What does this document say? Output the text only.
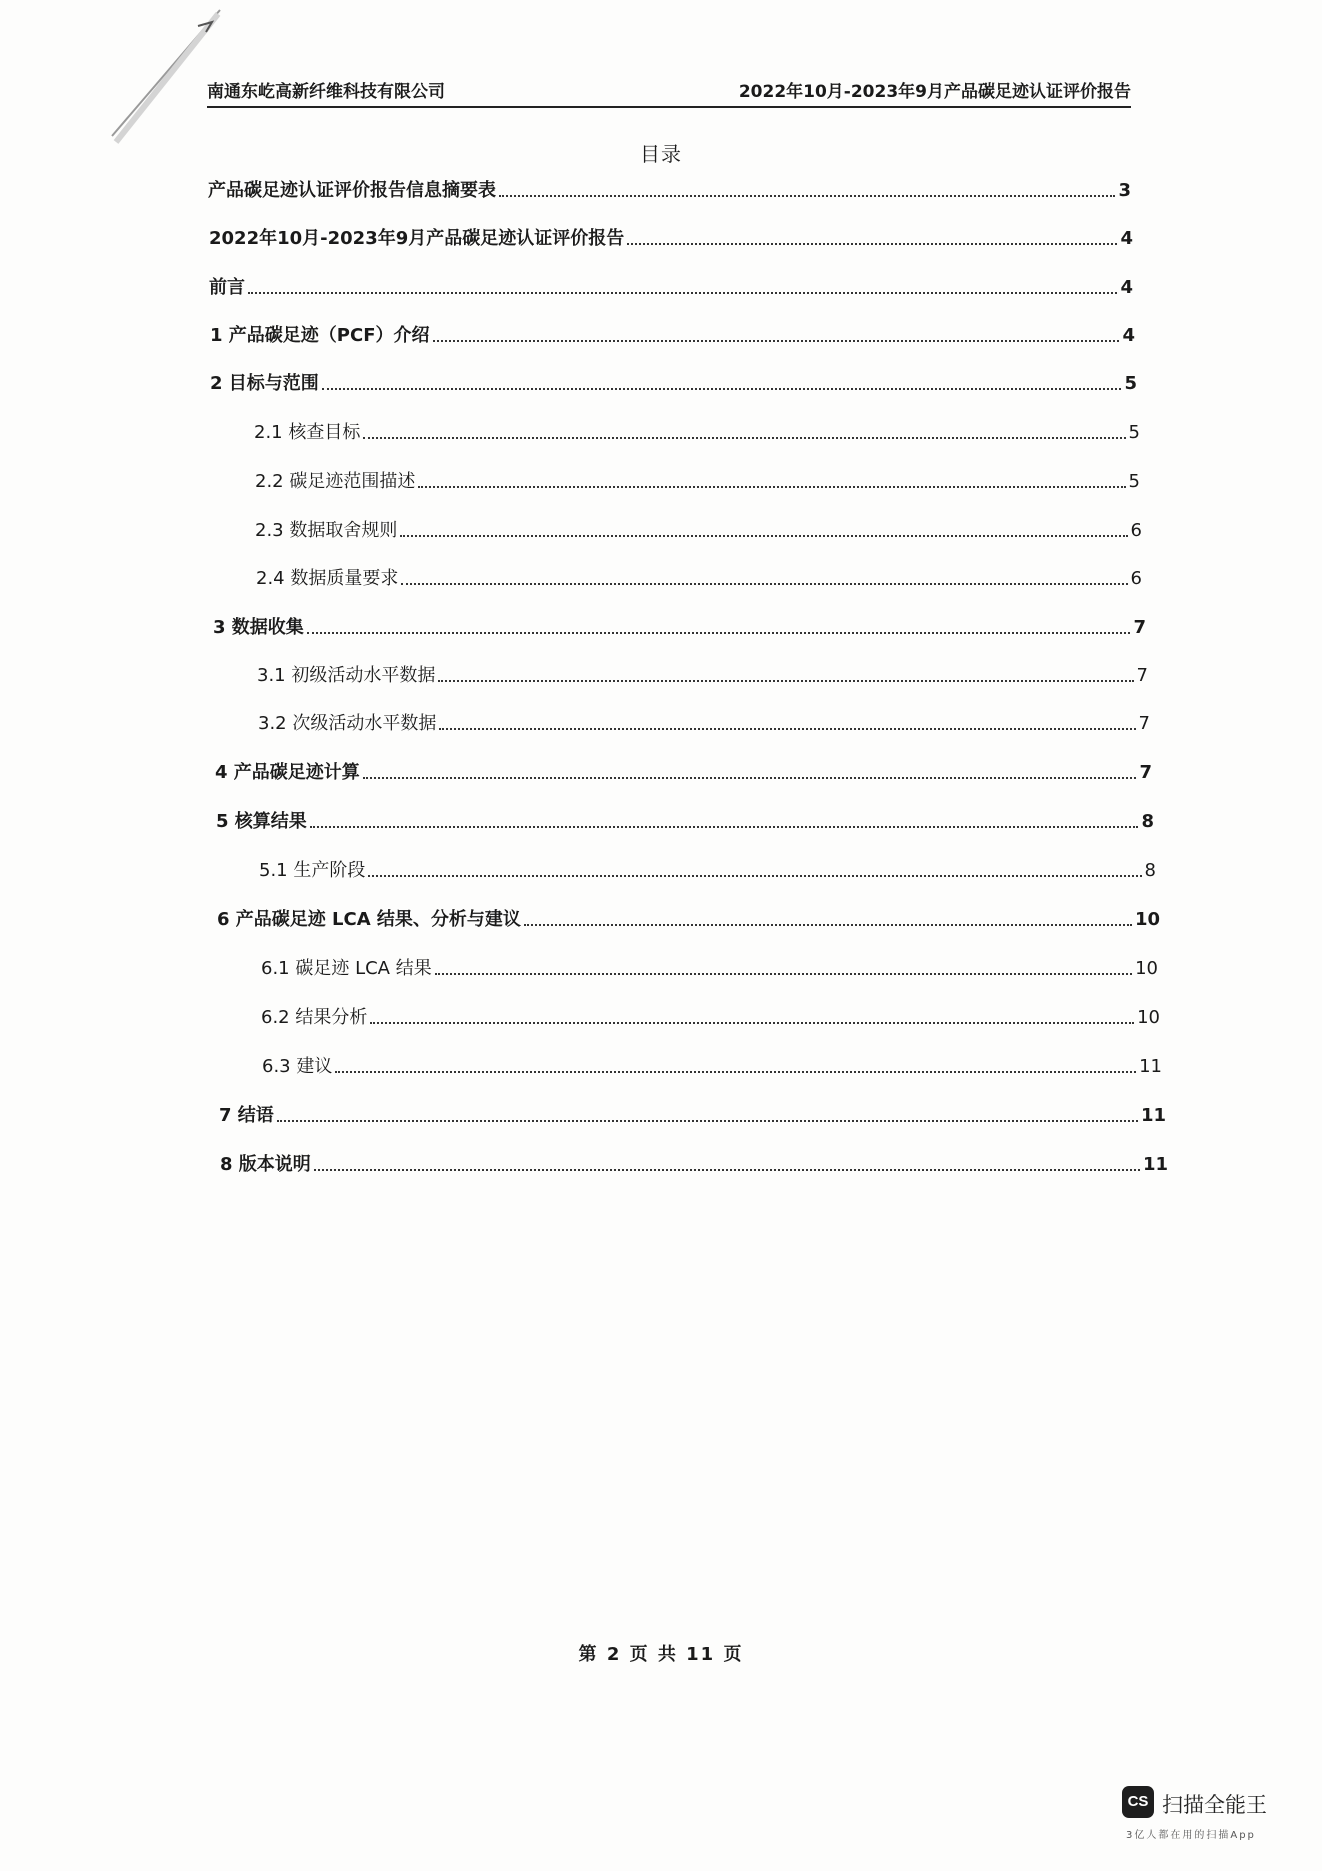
南通东屹高新纤维科技有限公司	2022年10月-2023年9月产品碳足迹认证评价报告
目录
产品碳足迹认证评价报告信息摘要表	3
2022年10月-2023年9月产品碳足迹认证评价报告	4
前言	4
1 产品碳足迹（PCF）介绍	4
2 目标与范围	5
2.1 核查目标	5
2.2 碳足迹范围描述	5
2.3 数据取舍规则	6
2.4 数据质量要求	6
3 数据收集	7
3.1 初级活动水平数据	7
3.2 次级活动水平数据	7
4 产品碳足迹计算	7
5 核算结果	8
5.1 生产阶段	8
6 产品碳足迹 LCA 结果、分析与建议	10
6.1 碳足迹 LCA 结果	10
6.2 结果分析	10
6.3 建议	11
7 结语	11
8 版本说明	11
第 2 页 共 11 页
CS 扫描全能王
3亿人都在用的扫描App
